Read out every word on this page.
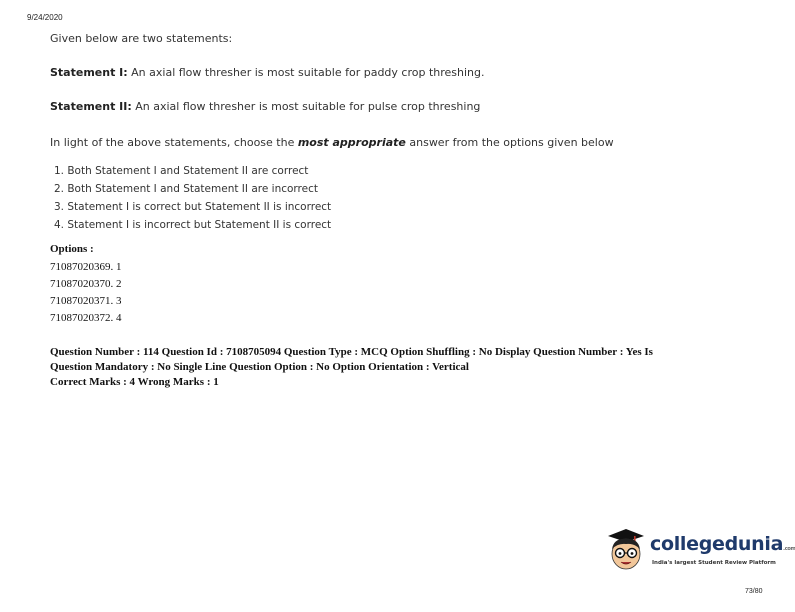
9/24/2020

Given below are two statements:

Statement I: An axial flow thresher is most suitable for paddy crop threshing.

Statement II: An axial flow thresher is most suitable for pulse crop threshing

In light of the above statements, choose the most appropriate answer from the options given below

1. Both Statement I and Statement II are correct
2. Both Statement I and Statement II are incorrect
3. Statement I is correct but Statement II is incorrect
4. Statement I is incorrect but Statement II is correct
Options :
71087020369. 1
71087020370. 2
71087020371. 3
71087020372. 4
Question Number : 114 Question Id : 7108705094 Question Type : MCQ Option Shuffling : No Display Question Number : Yes Is
Question Mandatory : No Single Line Question Option : No Option Orientation : Vertical
Correct Marks : 4 Wrong Marks : 1
collegedunia.com
India's largest Student Review Platform
73/80
